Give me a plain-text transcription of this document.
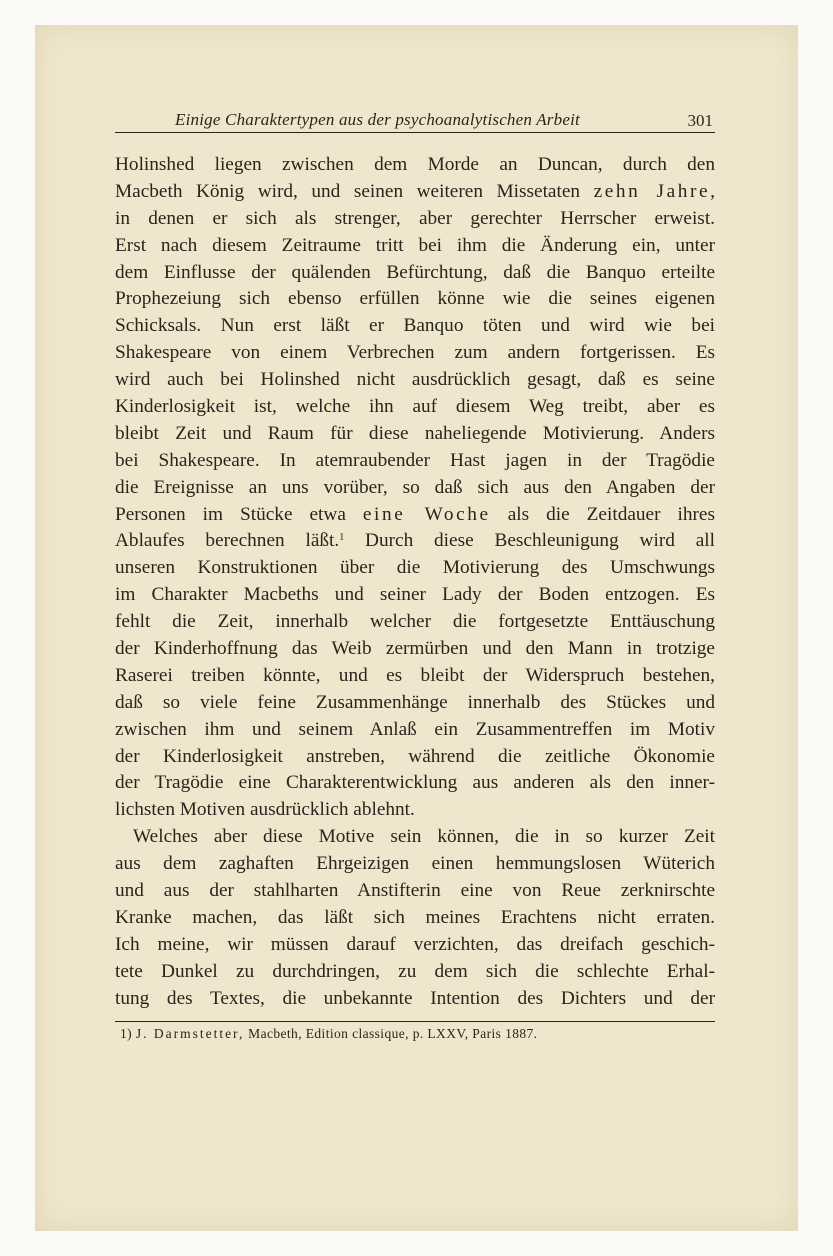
Einige Charaktertypen aus der psychoanalytischen Arbeit	301
Holinshed liegen zwischen dem Morde an Duncan, durch den
Macbeth König wird, und seinen weiteren Missetaten zehn Jahre,
in denen er sich als strenger, aber gerechter Herrscher erweist.
Erst nach diesem Zeitraume tritt bei ihm die Änderung ein, unter
dem Einflusse der quälenden Befürchtung, daß die Banquo erteilte
Prophezeiung sich ebenso erfüllen könne wie die seines eigenen
Schicksals. Nun erst läßt er Banquo töten und wird wie bei
Shakespeare von einem Verbrechen zum andern fortgerissen. Es
wird auch bei Holinshed nicht ausdrücklich gesagt, daß es seine
Kinderlosigkeit ist, welche ihn auf diesem Weg treibt, aber es
bleibt Zeit und Raum für diese naheliegende Motivierung. Anders
bei Shakespeare. In atemraubender Hast jagen in der Tragödie
die Ereignisse an uns vorüber, so daß sich aus den Angaben der
Personen im Stücke etwa eine Woche als die Zeitdauer ihres
Ablaufes berechnen läßt.$^1$ Durch diese Beschleunigung wird all
unseren Konstruktionen über die Motivierung des Umschwungs
im Charakter Macbeths und seiner Lady der Boden entzogen. Es
fehlt die Zeit, innerhalb welcher die fortgesetzte Enttäuschung
der Kinderhoffnung das Weib zermürben und den Mann in trotzige
Raserei treiben könnte, und es bleibt der Widerspruch bestehen,
daß so viele feine Zusammenhänge innerhalb des Stückes und
zwischen ihm und seinem Anlaß ein Zusammentreffen im Motiv
der Kinderlosigkeit anstreben, während die zeitliche Ökonomie
der Tragödie eine Charakterentwicklung aus anderen als den inner-
lichsten Motiven ausdrücklich ablehnt.
Welches aber diese Motive sein können, die in so kurzer Zeit
aus dem zaghaften Ehrgeizigen einen hemmungslosen Wüterich
und aus der stahlharten Anstifterin eine von Reue zerknirschte
Kranke machen, das läßt sich meines Erachtens nicht erraten.
Ich meine, wir müssen darauf verzichten, das dreifach geschich-
tete Dunkel zu durchdringen, zu dem sich die schlechte Erhal-
tung des Textes, die unbekannte Intention des Dichters und der
1) J. Darmstetter, Macbeth, Edition classique, p. LXXV, Paris 1887.
